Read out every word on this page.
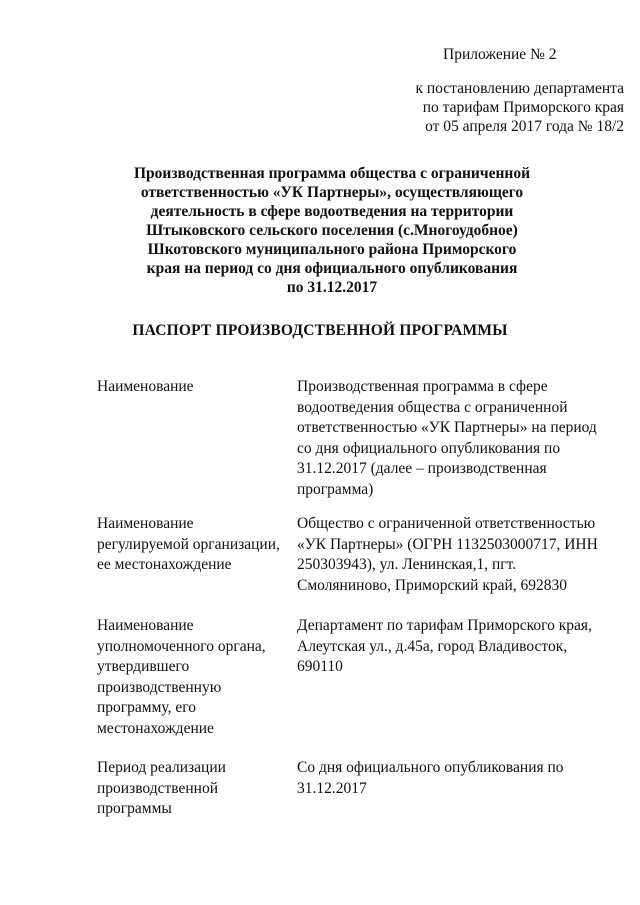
Приложение № 2
к постановлению департамента
по тарифам Приморского края
от 05 апреля 2017 года № 18/2
Производственная программа общества с ограниченной
ответственностью «УК Партнеры», осуществляющего
деятельность в сфере водоотведения на территории
Штыковского сельского поселения (с.Многоудобное)
Шкотовского муниципального района Приморского
края на период со дня официального опубликования
по 31.12.2017
ПАСПОРТ ПРОИЗВОДСТВЕННОЙ ПРОГРАММЫ
Наименование	Производственная программа в сфере
водоотведения общества с ограниченной
ответственностью «УК Партнеры» на период
со дня официального опубликования по
31.12.2017 (далее – производственная
программа)
Наименование
регулируемой организации,
ее местонахождение
Общество с ограниченной ответственностью
«УК Партнеры» (ОГРН 1132503000717, ИНН
250303943), ул. Ленинская,1, пгт.
Смоляниново, Приморский край, 692830
Наименование
уполномоченного органа,
утвердившего
производственную
программу, его
местонахождение
Департамент по тарифам Приморского края,
Алеутская ул., д.45а, город Владивосток,
690110
Период реализации
производственной
программы
Со дня официального опубликования по
31.12.2017
